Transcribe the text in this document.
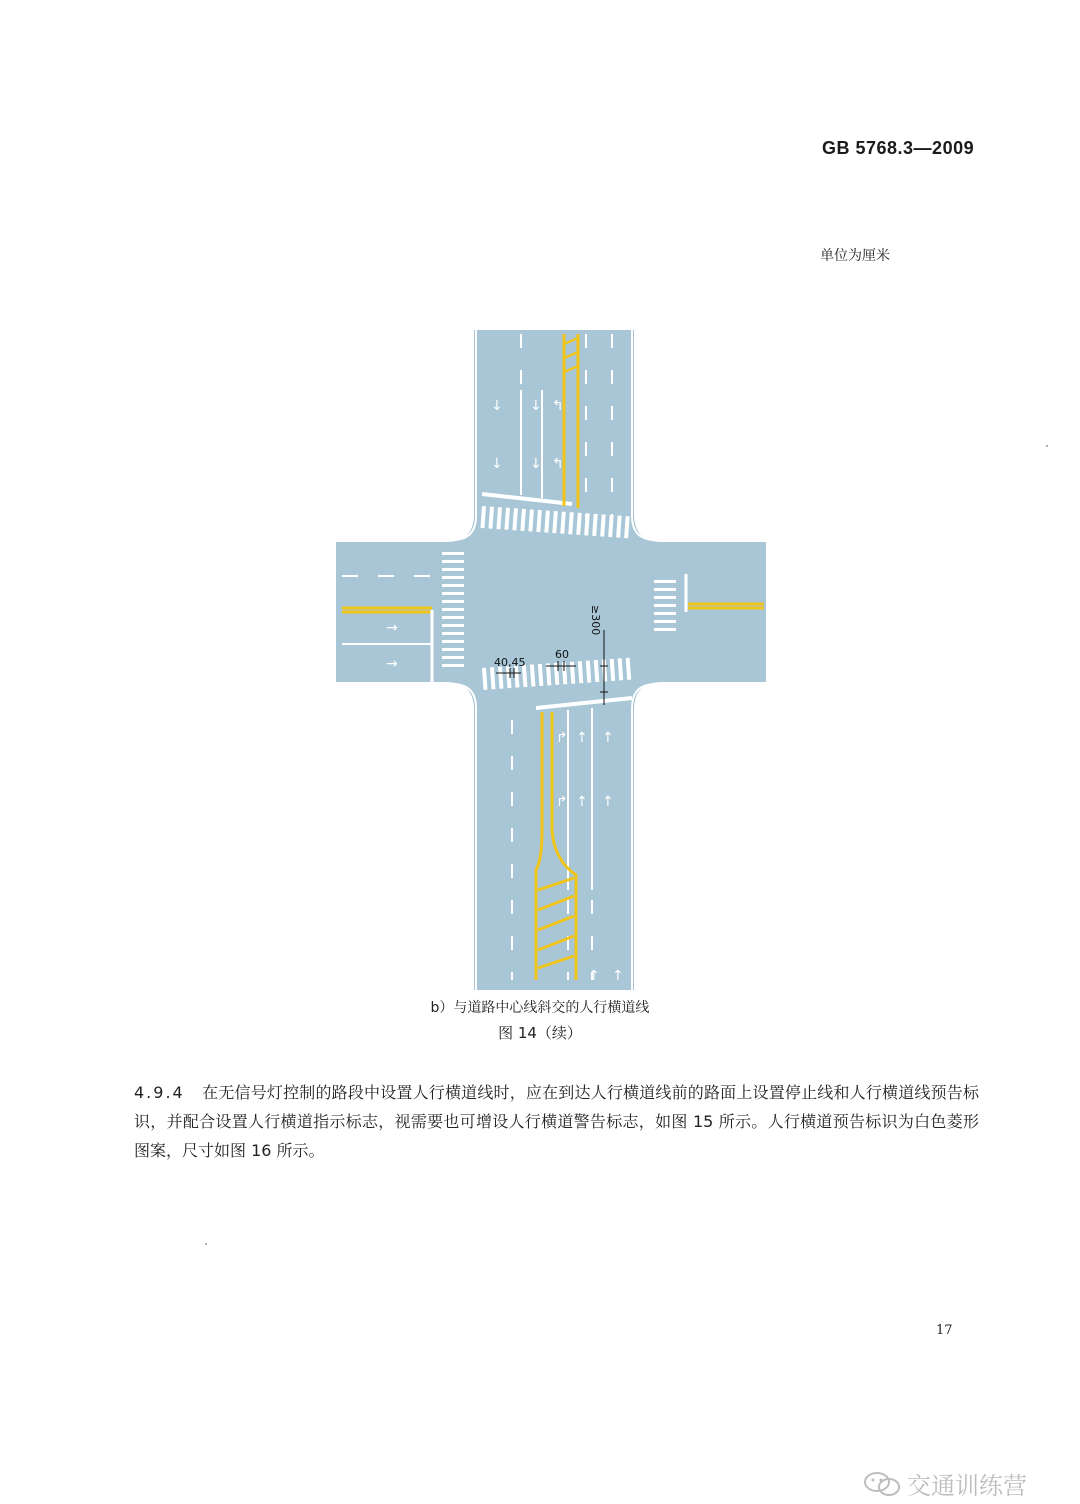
GB 5768.3—2009
单位为厘米
↓ ↓ ↰
↓ ↓ ↰
→
→
↱ ↑ ↑
↱ ↑ ↑
↑ ↑
≥300
60
40,45
b）与道路中心线斜交的人行横道线
图 14（续）
4.9.4 在无信号灯控制的路段中设置人行横道线时，应在到达人行横道线前的路面上设置停止线和人行横道线预告标识，并配合设置人行横道指示标志，视需要也可增设人行横道警告标志，如图 15 所示。人行横道预告标识为白色菱形图案，尺寸如图 16 所示。
17
交通训练营
